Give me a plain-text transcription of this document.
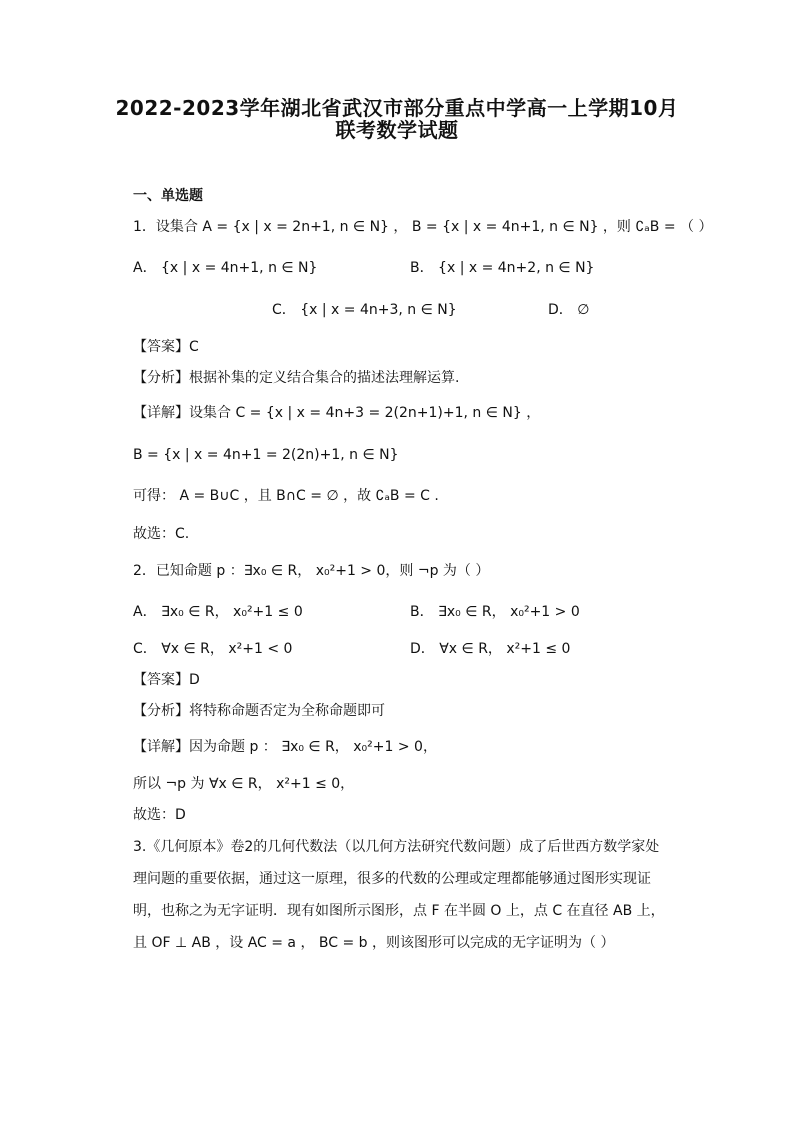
2022-2023学年湖北省武汉市部分重点中学高一上学期10月
联考数学试题
一、单选题
1．设集合 A = {x | x = 2n+1, n ∈ N} ， B = {x | x = 4n+1, n ∈ N} ，则 ∁ₐB = （ ）
A． {x | x = 4n+1, n ∈ N}	B． {x | x = 4n+2, n ∈ N}
C． {x | x = 4n+3, n ∈ N}	D． ∅
【答案】C
【分析】根据补集的定义结合集合的描述法理解运算.
【详解】设集合 C = {x | x = 4n+3 = 2(2n+1)+1, n ∈ N} ，
B = {x | x = 4n+1 = 2(2n)+1, n ∈ N}
可得： A = B∪C ，且 B∩C = ∅ ，故 ∁ₐB = C .
故选：C.
2．已知命题 p ：∃x₀ ∈ R， x₀²+1 > 0，则 ¬p 为（ ）
A． ∃x₀ ∈ R， x₀²+1 ≤ 0	B． ∃x₀ ∈ R， x₀²+1 > 0
C． ∀x ∈ R， x²+1 < 0	D． ∀x ∈ R， x²+1 ≤ 0
【答案】D
【分析】将特称命题否定为全称命题即可
【详解】因为命题 p ： ∃x₀ ∈ R， x₀²+1 > 0，
所以 ¬p 为 ∀x ∈ R， x²+1 ≤ 0，
故选：D
3.《几何原本》卷2的几何代数法（以几何方法研究代数问题）成了后世西方数学家处理问题的重要依据，通过这一原理，很多的代数的公理或定理都能够通过图形实现证明，也称之为无字证明．现有如图所示图形，点 F 在半圆 O 上，点 C 在直径 AB 上，且 OF ⊥ AB ，设 AC = a ， BC = b ，则该图形可以完成的无字证明为（ ）
